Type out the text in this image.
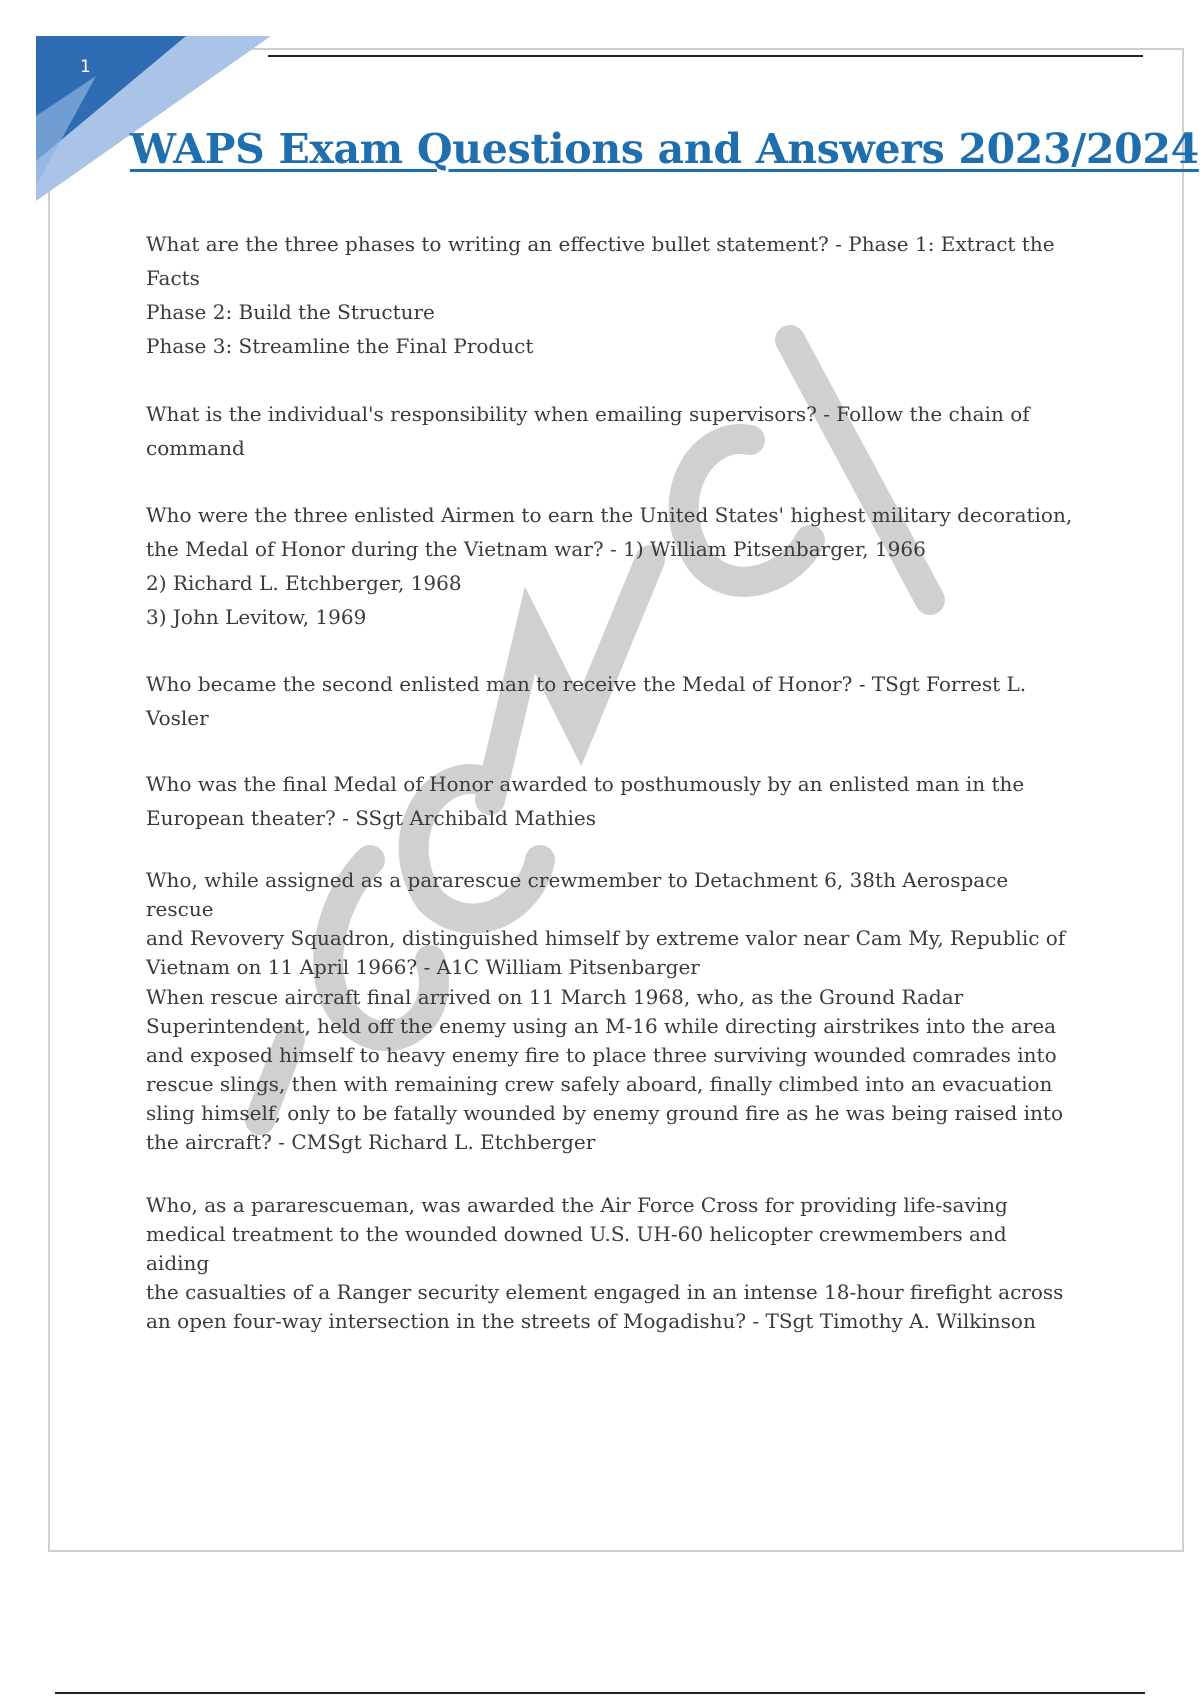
1
WAPS Exam Questions and Answers 2023/2024
What are the three phases to writing an effective bullet statement? - Phase 1: Extract the
Facts
Phase 2: Build the Structure
Phase 3: Streamline the Final Product
What is the individual's responsibility when emailing supervisors? - Follow the chain of
command
Who were the three enlisted Airmen to earn the United States' highest military decoration,
the Medal of Honor during the Vietnam war? - 1) William Pitsenbarger, 1966
2) Richard L. Etchberger, 1968
3) John Levitow, 1969
Who became the second enlisted man to receive the Medal of Honor? - TSgt Forrest L.
Vosler
Who was the final Medal of Honor awarded to posthumously by an enlisted man in the
European theater? - SSgt Archibald Mathies
Who, while assigned as a pararescue crewmember to Detachment 6, 38th Aerospace rescue
and Revovery Squadron, distinguished himself by extreme valor near Cam My, Republic of
Vietnam on 11 April 1966? - A1C William Pitsenbarger
When rescue aircraft final arrived on 11 March 1968, who, as the Ground Radar
Superintendent, held off the enemy using an M-16 while directing airstrikes into the area
and exposed himself to heavy enemy fire to place three surviving wounded comrades into
rescue slings, then with remaining crew safely aboard, finally climbed into an evacuation
sling himself, only to be fatally wounded by enemy ground fire as he was being raised into
the aircraft? - CMSgt Richard L. Etchberger
Who, as a pararescueman, was awarded the Air Force Cross for providing life-saving
medical treatment to the wounded downed U.S. UH-60 helicopter crewmembers and aiding
the casualties of a Ranger security element engaged in an intense 18-hour firefight across
an open four-way intersection in the streets of Mogadishu? - TSgt Timothy A. Wilkinson
